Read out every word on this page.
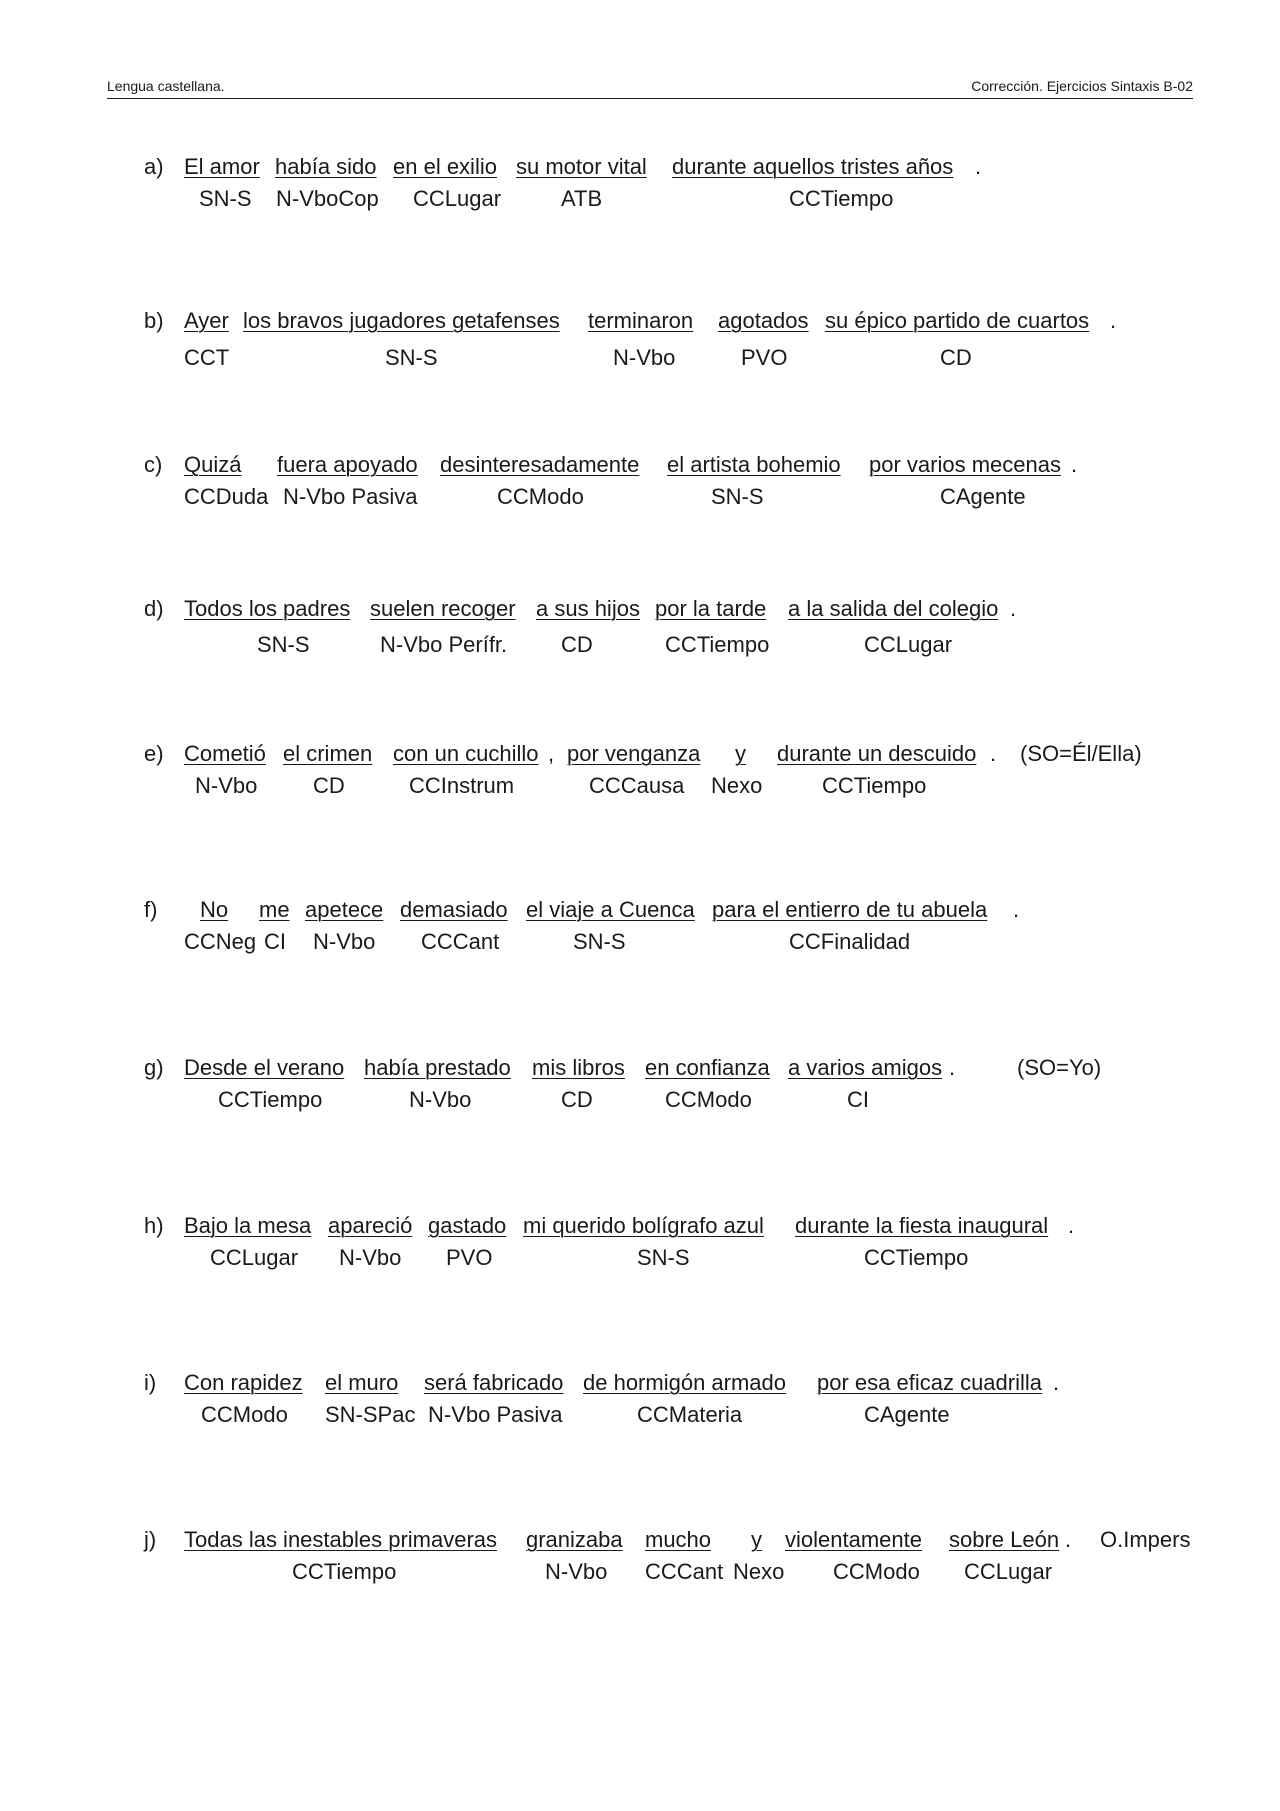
Lengua castellana.	Corrección. Ejercicios Sintaxis B-02
a) El amor había sido en el exilio su motor vital durante aquellos tristes años .
SN-S N-VboCop CCLugar	ATB	CCTiempo
b) Ayer los bravos jugadores getafenses terminaron agotados su épico partido de cuartos .
CCT	SN-S	N-Vbo	PVO	CD
c) Quizá fuera apoyado desinteresadamente el artista bohemio por varios mecenas .
CCDuda N-Vbo Pasiva	CCModo	SN-S	CAgente
d) Todos los padres suelen recoger a sus hijos por la tarde a la salida del colegio .
SN-S	N-Vbo Perífr. CD	CCTiempo	CCLugar
e) Cometió el crimen con un cuchillo , por venganza y durante un descuido . (SO=Él/Ella)
N-Vbo	CD	CCInstrum	CCCausa Nexo	CCTiempo
f) No me apetece demasiado el viaje a Cuenca para el entierro de tu abuela .
CCNeg CI N-Vbo CCCant	SN-S	CCFinalidad
g) Desde el verano había prestado mis libros en confianza a varios amigos .	(SO=Yo)
CCTiempo	N-Vbo	CD	CCModo	CI
h) Bajo la mesa apareció gastado mi querido bolígrafo azul durante la fiesta inaugural .
CCLugar N-Vbo PVO	SN-S	CCTiempo
i) Con rapidez el muro será fabricado de hormigón armado por esa eficaz cuadrilla .
CCModo SN-SPac N-Vbo Pasiva	CCMateria	CAgente
j) Todas las inestables primaveras granizaba mucho y violentamente sobre León . O.Impers
CCTiempo	N-Vbo CCCant Nexo CCModo CCLugar
